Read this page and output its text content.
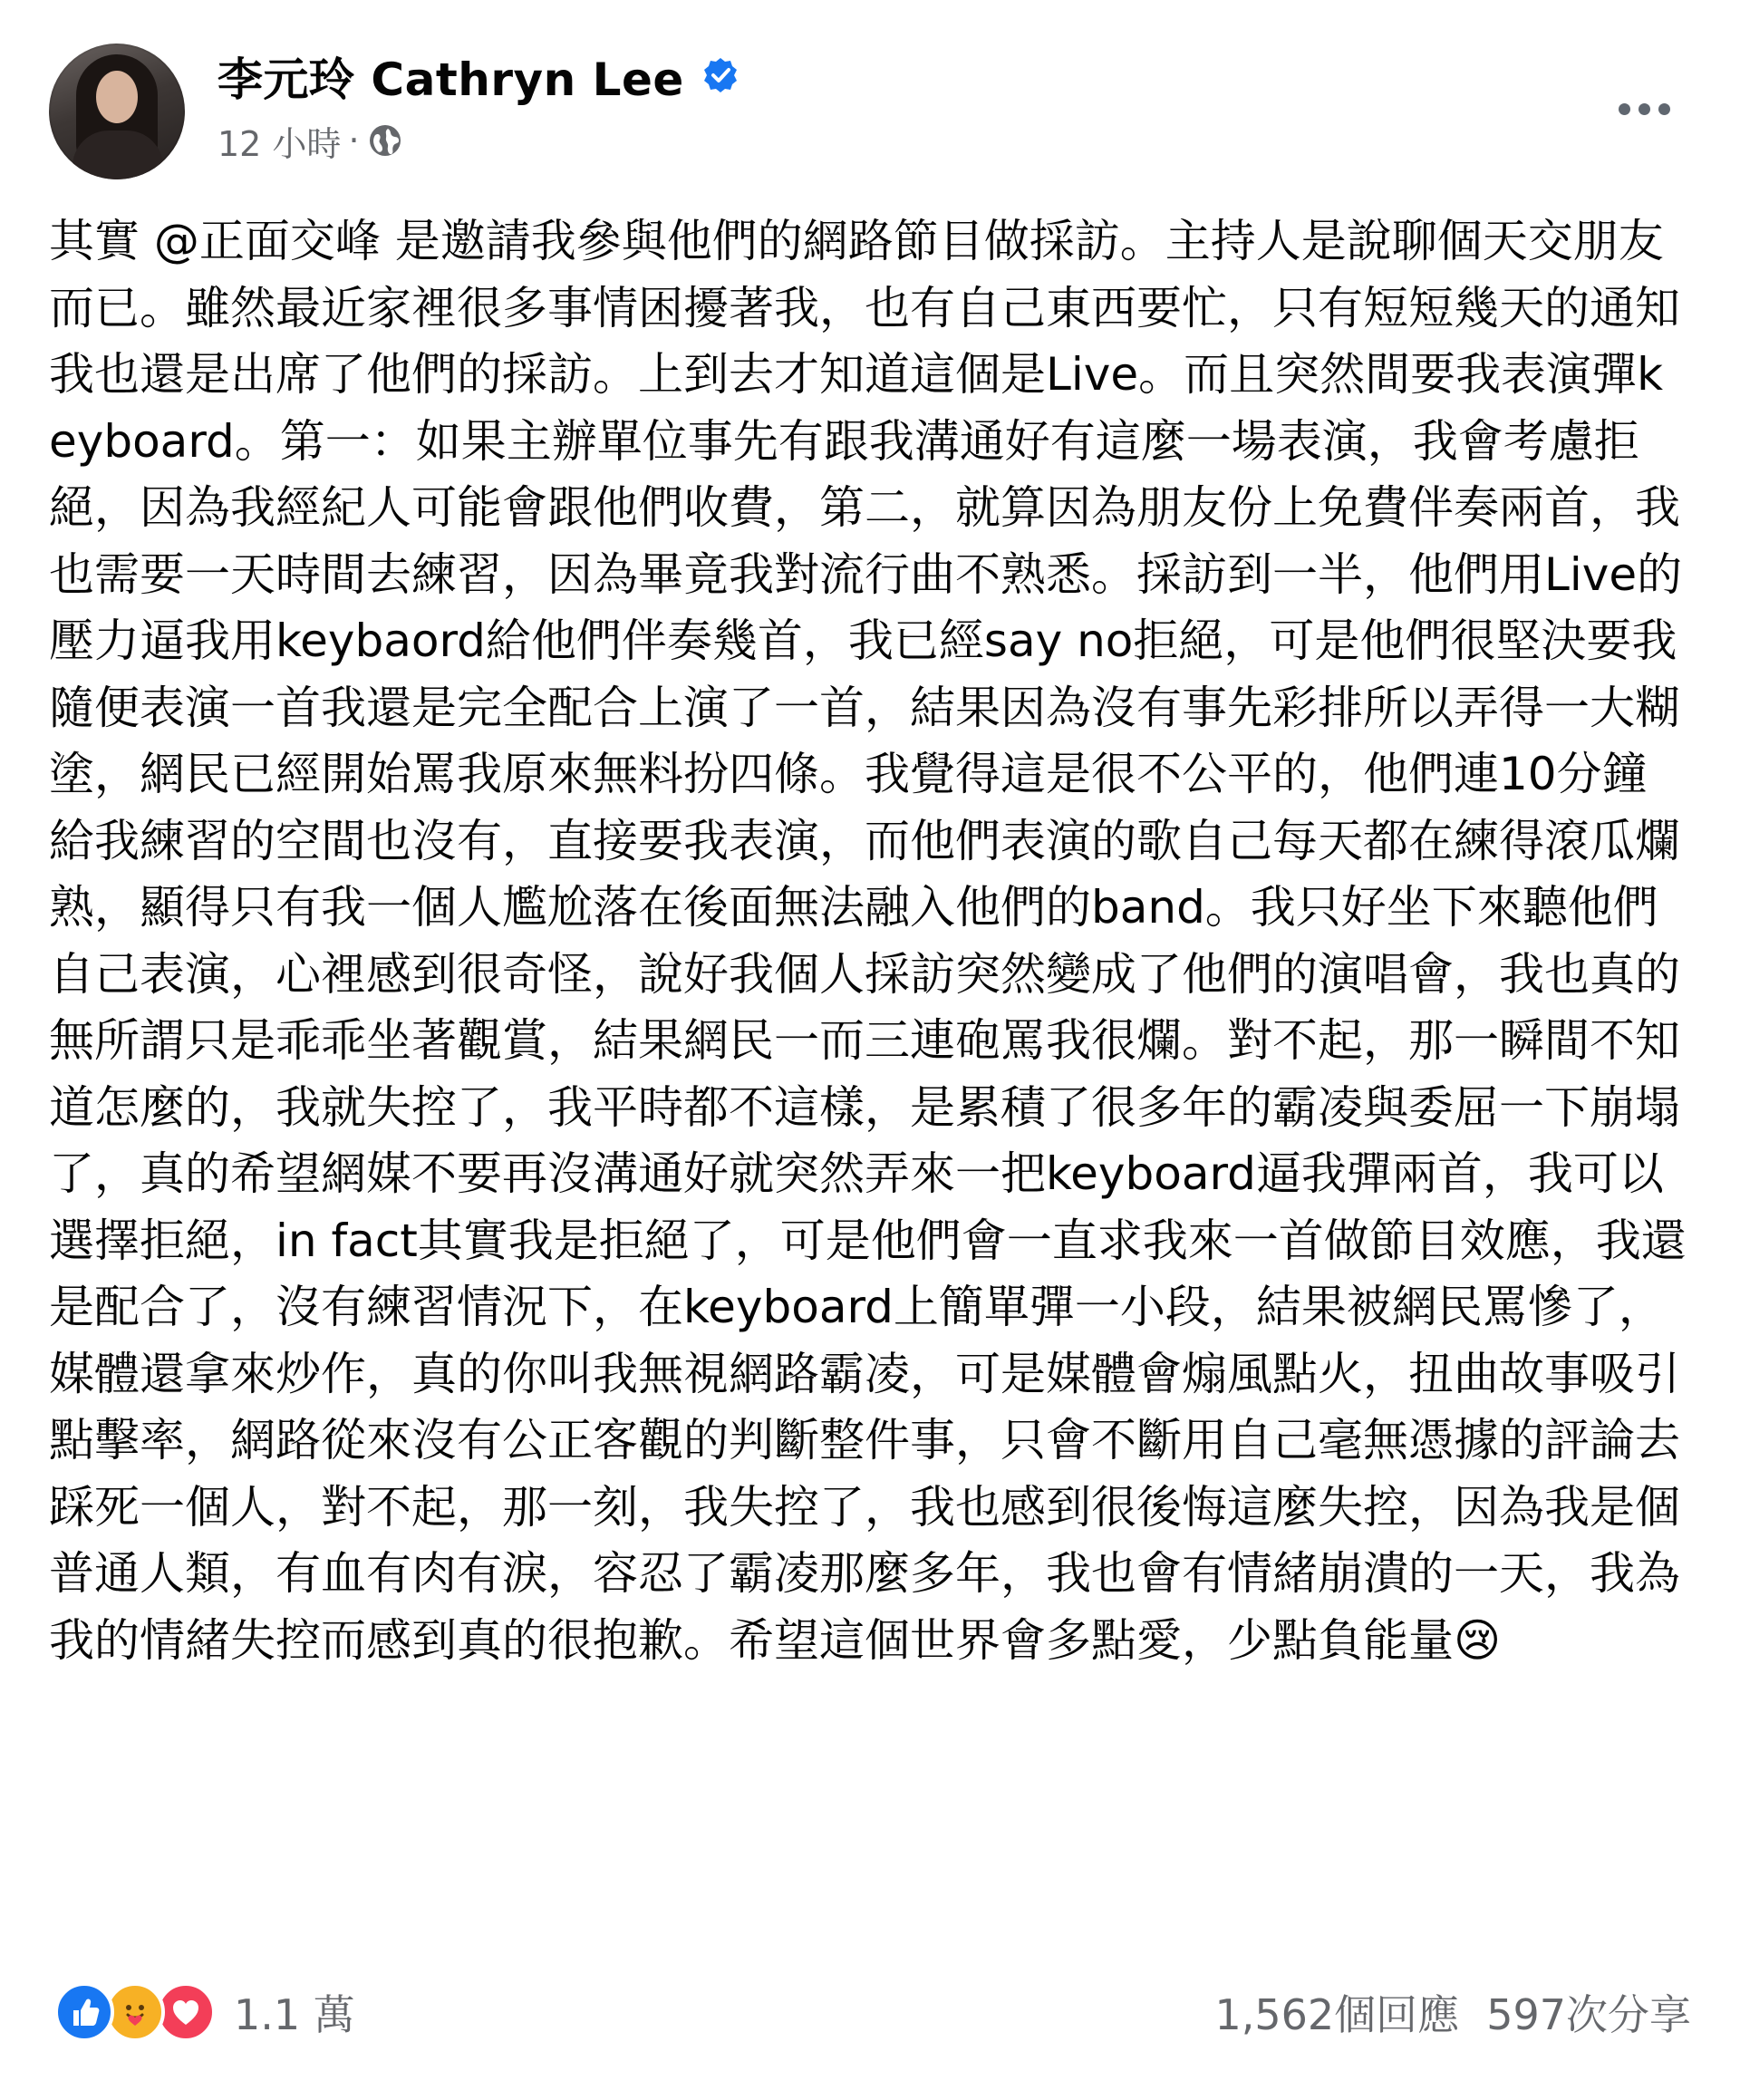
李元玲 Cathryn Lee
12 小時 ·
其實 @正面交峰 是邀請我參與他們的網路節目做採訪。主持人是說聊個天交朋友而已。雖然最近家裡很多事情困擾著我，也有自己東西要忙，只有短短幾天的通知我也還是出席了他們的採訪。上到去才知道這個是Live。而且突然間要我表演彈keyboard。第一：如果主辦單位事先有跟我溝通好有這麼一場表演，我會考慮拒絕，因為我經紀人可能會跟他們收費，第二，就算因為朋友份上免費伴奏兩首，我也需要一天時間去練習，因為畢竟我對流行曲不熟悉。採訪到一半，他們用Live的壓力逼我用keybaord給他們伴奏幾首，我已經say no拒絕，可是他們很堅決要我隨便表演一首我還是完全配合上演了一首，結果因為沒有事先彩排所以弄得一大糊塗，網民已經開始罵我原來無料扮四條。我覺得這是很不公平的，他們連10分鐘給我練習的空間也沒有，直接要我表演，而他們表演的歌自己每天都在練得滾瓜爛熟，顯得只有我一個人尷尬落在後面無法融入他們的band。我只好坐下來聽他們自己表演，心裡感到很奇怪，說好我個人採訪突然變成了他們的演唱會，我也真的無所謂只是乖乖坐著觀賞，結果網民一而三連砲罵我很爛。對不起，那一瞬間不知道怎麼的，我就失控了，我平時都不這樣，是累積了很多年的霸凌與委屈一下崩塌了，真的希望網媒不要再沒溝通好就突然弄來一把keyboard逼我彈兩首，我可以選擇拒絕，in fact其實我是拒絕了，可是他們會一直求我來一首做節目效應，我還是配合了，沒有練習情況下，在keyboard上簡單彈一小段，結果被網民罵慘了，媒體還拿來炒作，真的你叫我無視網路霸凌，可是媒體會煽風點火，扭曲故事吸引點擊率，網路從來沒有公正客觀的判斷整件事，只會不斷用自己毫無憑據的評論去踩死一個人，對不起，那一刻，我失控了，我也感到很後悔這麼失控，因為我是個普通人類，有血有肉有淚，容忍了霸凌那麼多年，我也會有情緒崩潰的一天，我為我的情緒失控而感到真的很抱歉。希望這個世界會多點愛，少點負能量😢
1.1 萬	1,562個回應 597次分享
